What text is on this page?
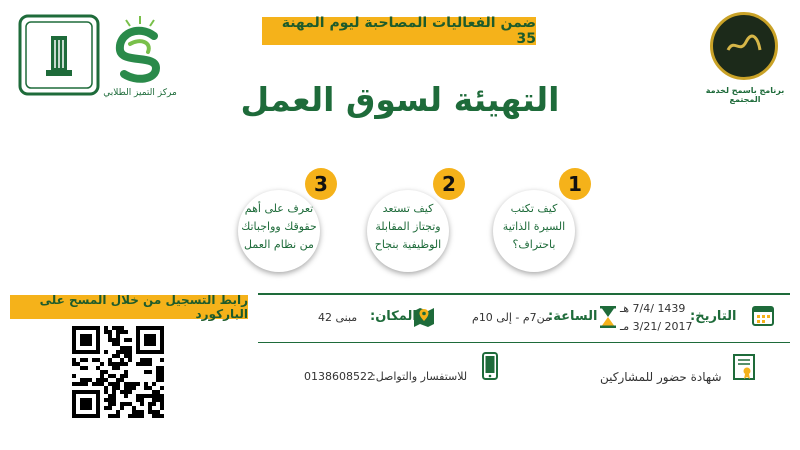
ضمن الفعاليات المصاحبة ليوم المهنة 35
التهيئة لسوق العمل
مركز التميز الطلابي	برنامج باسمح لخدمة المجتمع
كيف تكتب
السيرة الذاتية
باحتراف؟
1
كيف تستعد
وتجتاز المقابلة
الوظيفية بنجاح
2
تعرف على أهم
حقوقك وواجباتك
من نظام العمل
3
التاريخ:
1439 /7/4 هـ
2017 /3/21 مـ
الساعة:
من7م - إلى 10م
المكان:
مبنى 42
شهادة حضور للمشاركين
للاستفسار والتواصل:
0138608522
رابط التسجيل من خلال المسح على الباركورد
